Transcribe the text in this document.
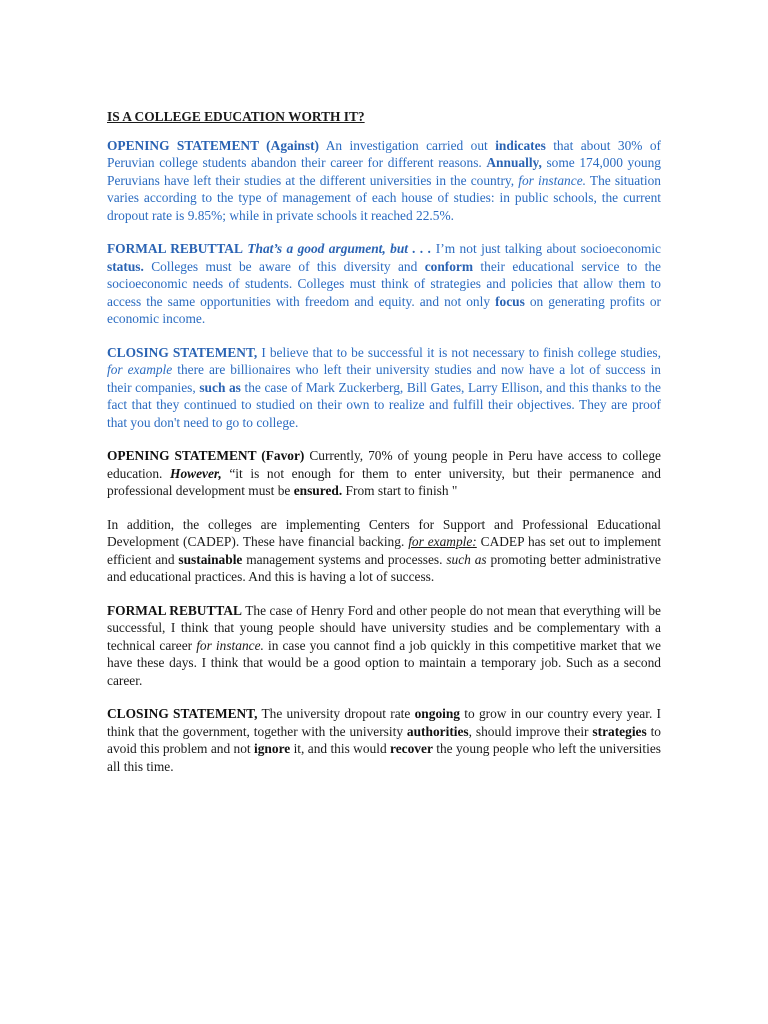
IS A COLLEGE EDUCATION WORTH IT?

OPENING STATEMENT (Against) An investigation carried out indicates that about 30% of Peruvian college students abandon their career for different reasons. Annually, some 174,000 young Peruvians have left their studies at the different universities in the country, for instance. The situation varies according to the type of management of each house of studies: in public schools, the current dropout rate is 9.85%; while in private schools it reached 22.5%.

FORMAL REBUTTAL That’s a good argument, but . . . I’m not just talking about socioeconomic status. Colleges must be aware of this diversity and conform their educational service to the socioeconomic needs of students. Colleges must think of strategies and policies that allow them to access the same opportunities with freedom and equity. and not only focus on generating profits or economic income.

CLOSING STATEMENT, I believe that to be successful it is not necessary to finish college studies, for example there are billionaires who left their university studies and now have a lot of success in their companies, such as the case of Mark Zuckerberg, Bill Gates, Larry Ellison, and this thanks to the fact that they continued to studied on their own to realize and fulfill their objectives. They are proof that you don't need to go to college.

OPENING STATEMENT (Favor) Currently, 70% of young people in Peru have access to college education. However, “it is not enough for them to enter university, but their permanence and professional development must be ensured. From start to finish "

In addition, the colleges are implementing Centers for Support and Professional Educational Development (CADEP). These have financial backing. for example: CADEP has set out to implement efficient and sustainable management systems and processes. such as promoting better administrative and educational practices. And this is having a lot of success.

FORMAL REBUTTAL The case of Henry Ford and other people do not mean that everything will be successful, I think that young people should have university studies and be complementary with a technical career for instance. in case you cannot find a job quickly in this competitive market that we have these days. I think that would be a good option to maintain a temporary job. Such as a second career.

CLOSING STATEMENT, The university dropout rate ongoing to grow in our country every year. I think that the government, together with the university authorities, should improve their strategies to avoid this problem and not ignore it, and this would recover the young people who left the universities all this time.
